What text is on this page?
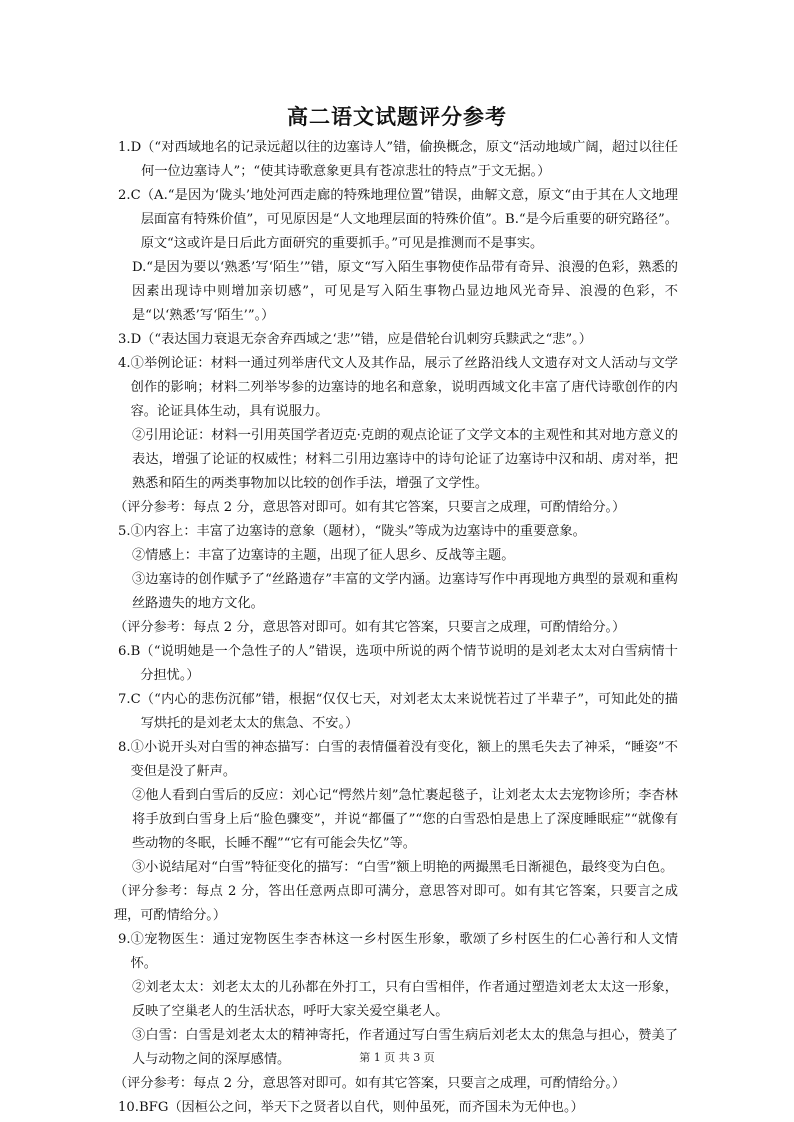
高二语文试题评分参考
1.D （“对西域地名的记录远超以往的边塞诗人”错，偷换概念，原文“活动地域广阔，超过以往任何一位边塞诗人”；“使其诗歌意象更具有苍凉悲壮的特点”于文无据。）
2.C （A.“是因为‘陇头’地处河西走廊的特殊地理位置”错误，曲解文意，原文“由于其在人文地理层面富有特殊价值”，可见原因是“人文地理层面的特殊价值”。B.“是今后重要的研究路径”。原文“这或许是日后此方面研究的重要抓手。”可见是推测而不是事实。
D.“是因为要以‘熟悉’写‘陌生’”错，原文“写入陌生事物使作品带有奇异、浪漫的色彩，熟悉的因素出现诗中则增加亲切感”，可见是写入陌生事物凸显边地风光奇异、浪漫的色彩，不是“以‘熟悉’写‘陌生’”。）
3.D （“表达国力衰退无奈舍弃西域之‘悲’”错，应是借轮台讥刺穷兵黩武之“悲”。）
4. ①举例论证：材料一通过列举唐代文人及其作品，展示了丝路沿线人文遗存对文人活动与文学创作的影响；材料二列举岑参的边塞诗的地名和意象，说明西域文化丰富了唐代诗歌创作的内容。论证具体生动，具有说服力。
②引用论证：材料一引用英国学者迈克·克朗的观点论证了文学文本的主观性和其对地方意义的表达，增强了论证的权威性；材料二引用边塞诗中的诗句论证了边塞诗中汉和胡、虏对举，把熟悉和陌生的两类事物加以比较的创作手法，增强了文学性。
（评分参考：每点 2 分，意思答对即可。如有其它答案，只要言之成理，可酌情给分。）
5. ①内容上：丰富了边塞诗的意象（题材），“陇头”等成为边塞诗中的重要意象。
②情感上：丰富了边塞诗的主题，出现了征人思乡、反战等主题。
③边塞诗的创作赋予了“丝路遗存”丰富的文学内涵。边塞诗写作中再现地方典型的景观和重构丝路遗失的地方文化。
（评分参考：每点 2 分，意思答对即可。如有其它答案，只要言之成理，可酌情给分。）
6.B （“说明她是一个急性子的人”错误，选项中所说的两个情节说明的是刘老太太对白雪病情十分担忧。）
7.C （“内心的悲伤沉郁”错，根据“仅仅七天，对刘老太太来说恍若过了半辈子”，可知此处的描写烘托的是刘老太太的焦急、不安。）
8. ①小说开头对白雪的神态描写：白雪的表情僵着没有变化，额上的黑毛失去了神采，“睡姿”不变但是没了鼾声。
②他人看到白雪后的反应：刘心记“愕然片刻”急忙裹起毯子，让刘老太太去宠物诊所；李杏林将手放到白雪身上后“脸色骤变”，并说“都僵了”“您的白雪恐怕是患上了深度睡眠症”“就像有些动物的冬眠，长睡不醒”“它有可能会失忆”等。
③小说结尾对“白雪”特征变化的描写：“白雪”额上明艳的两撮黑毛日渐褪色，最终变为白色。
（评分参考：每点 2 分，答出任意两点即可满分，意思答对即可。如有其它答案，只要言之成理，可酌情给分。）
9. ①宠物医生：通过宠物医生李杏林这一乡村医生形象，歌颂了乡村医生的仁心善行和人文情怀。
②刘老太太：刘老太太的儿孙都在外打工，只有白雪相伴，作者通过塑造刘老太太这一形象，反映了空巢老人的生活状态，呼吁大家关爱空巢老人。
③白雪：白雪是刘老太太的精神寄托，作者通过写白雪生病后刘老太太的焦急与担心，赞美了人与动物之间的深厚感情。
（评分参考：每点 2 分，意思答对即可。如有其它答案，只要言之成理，可酌情给分。）
10.BFG （因桓公之问，举天下之贤者以自代，则仲虽死，而齐国未为无仲也。）
第 1 页 共 3 页
